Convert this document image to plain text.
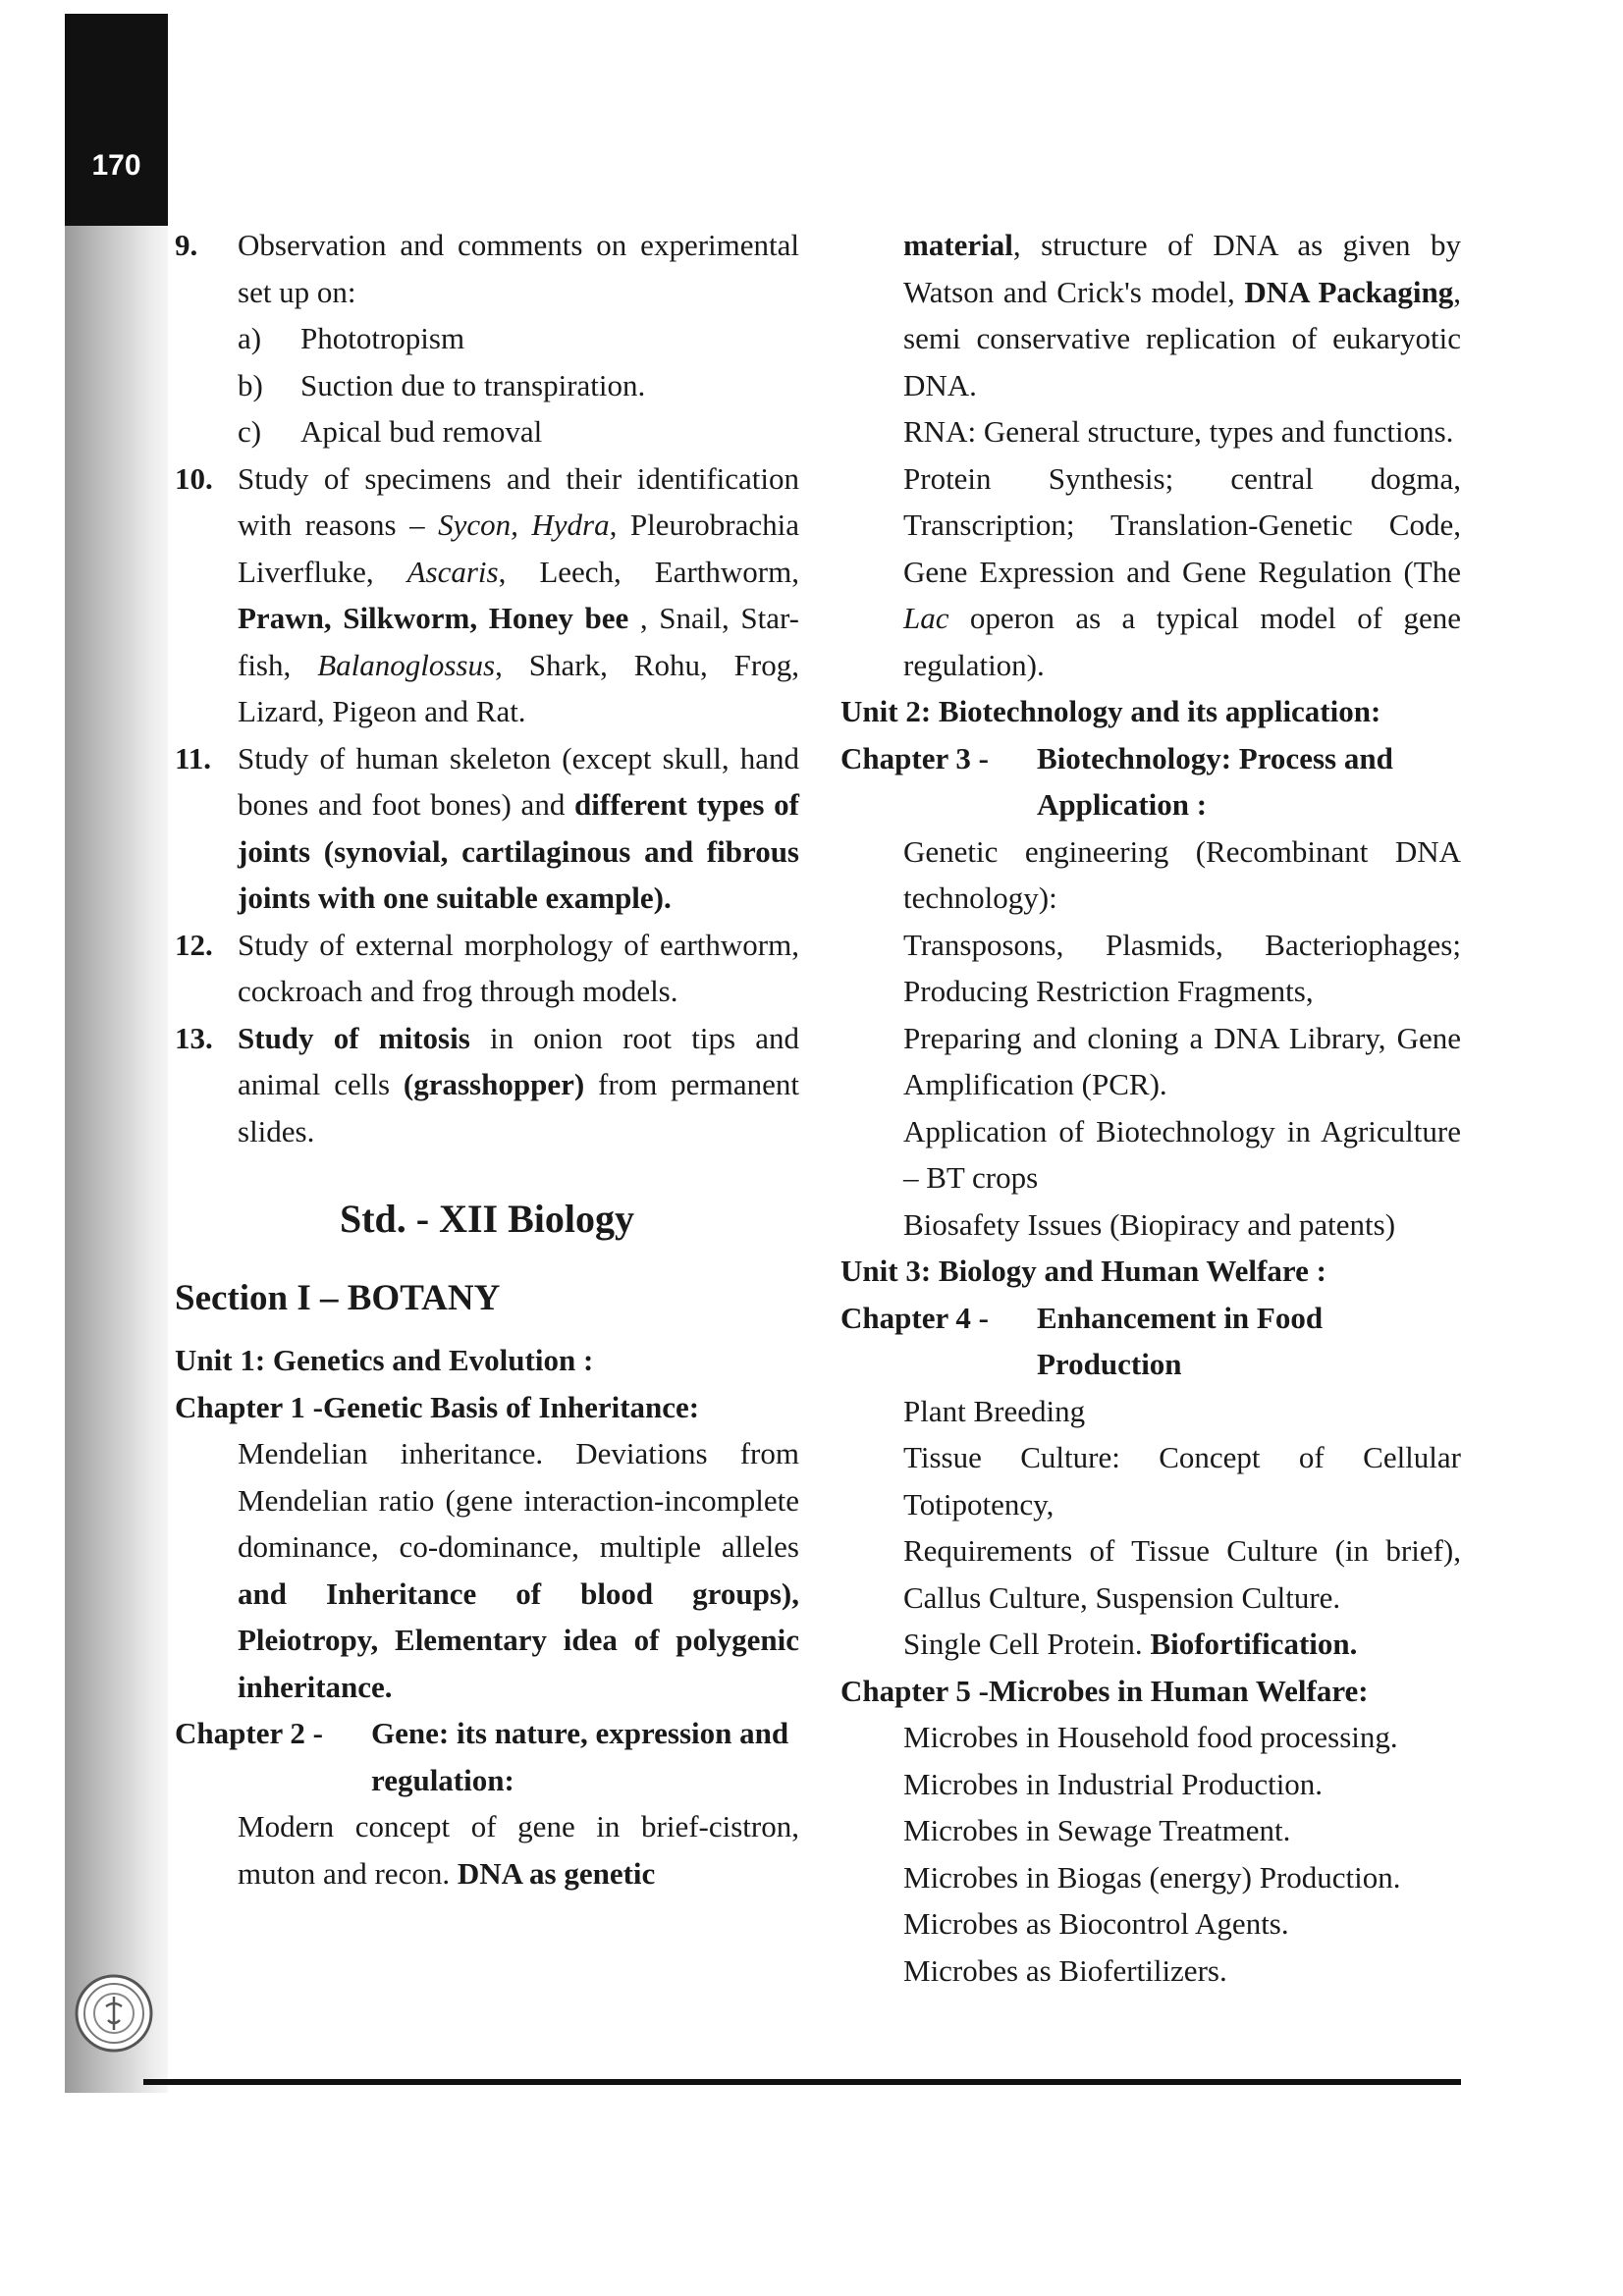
170
9.	Observation and comments on experimental set up on:
a)	Phototropism
b)	Suction due to transpiration.
c)	Apical bud removal
10. Study of specimens and their identification with reasons – Sycon, Hydra, Pleurobrachia Liverfluke, Ascaris, Leech, Earthworm, Prawn, Silkworm, Honey bee , Snail, Star-fish, Balanoglossus, Shark, Rohu, Frog, Lizard, Pigeon and Rat.
11. Study of human skeleton (except skull, hand bones and foot bones) and different types of joints (synovial, cartilaginous and fibrous joints with one suitable example).
12. Study of external morphology of earthworm, cockroach and frog through models.
13. Study of mitosis in onion root tips and animal cells (grasshopper) from permanent slides.
Std. - XII Biology
Section I – BOTANY
Unit 1: Genetics and Evolution :
Chapter 1 - Genetic Basis of Inheritance:
Mendelian inheritance. Deviations from Mendelian ratio (gene interaction-incomplete dominance, co-dominance, multiple alleles and Inheritance of blood groups), Pleiotropy, Elementary idea of polygenic inheritance.
Chapter 2 -	Gene: its nature, expression and regulation:
Modern concept of gene in brief-cistron, muton and recon. DNA as genetic
material, structure of DNA as given by Watson and Crick's model, DNA Packaging, semi conservative replication of eukaryotic DNA.
RNA: General structure, types and functions.
Protein Synthesis; central dogma, Transcription; Translation-Genetic Code, Gene Expression and Gene Regulation (The Lac operon as a typical model of gene regulation).
Unit 2: Biotechnology and its application:
Chapter 3 -	Biotechnology: Process and Application :
Genetic engineering (Recombinant DNA technology):
Transposons, Plasmids, Bacteriophages; Producing Restriction Fragments,
Preparing and cloning a DNA Library, Gene Amplification (PCR).
Application of Biotechnology in Agriculture – BT crops
Biosafety Issues (Biopiracy and patents)
Unit 3: Biology and Human Welfare :
Chapter 4 -	Enhancement in Food Production
Plant Breeding
Tissue Culture: Concept of Cellular Totipotency,
Requirements of Tissue Culture (in brief), Callus Culture, Suspension Culture.
Single Cell Protein. Biofortification.
Chapter 5 - Microbes in Human Welfare:
Microbes in Household food processing.
Microbes in Industrial Production.
Microbes in Sewage Treatment.
Microbes in Biogas (energy) Production.
Microbes as Biocontrol Agents.
Microbes as Biofertilizers.
